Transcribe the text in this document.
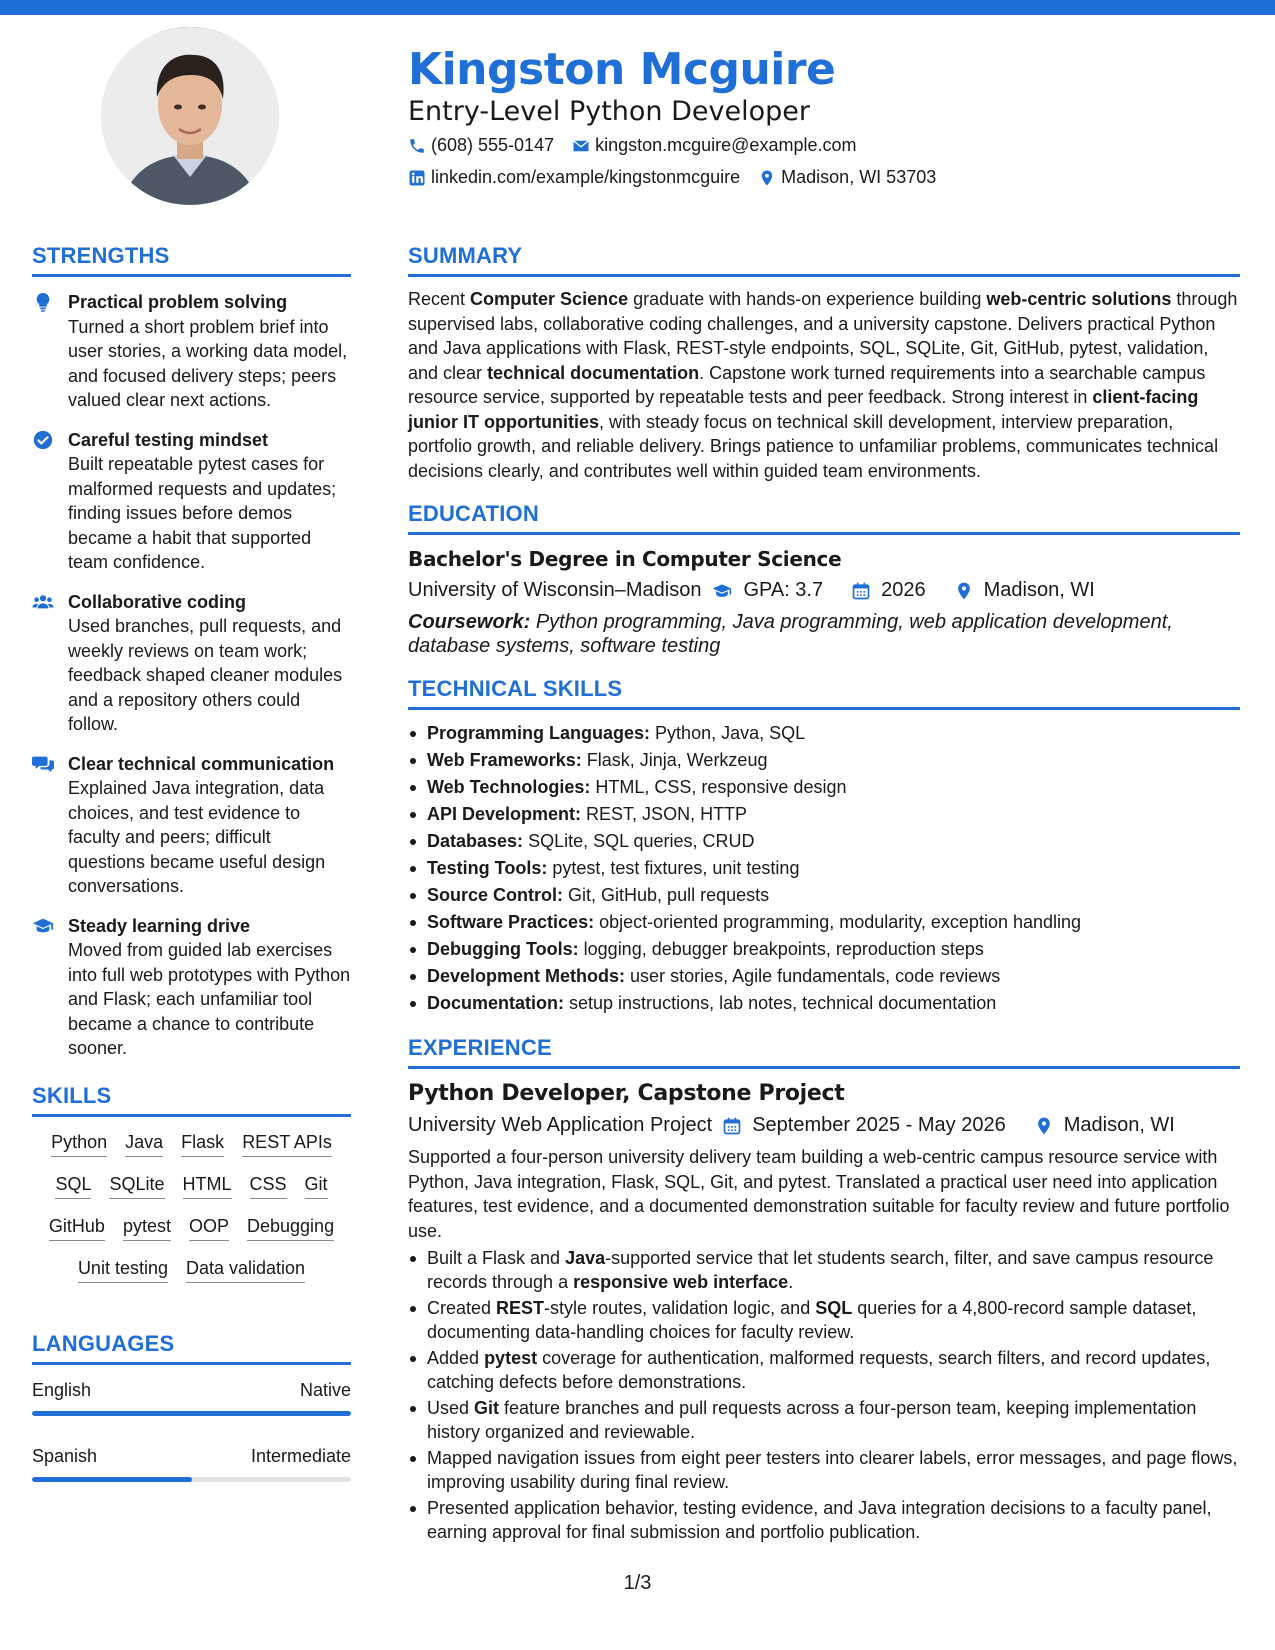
Kingston Mcguire
Entry-Level Python Developer
(608) 555-0147 kingston.mcguire@example.com
linkedin.com/example/kingstonmcguire Madison, WI 53703
STRENGTHS
Practical problem solving
Turned a short problem brief into user stories, a working data model, and focused delivery steps; peers valued clear next actions.
Careful testing mindset
Built repeatable pytest cases for malformed requests and updates; finding issues before demos became a habit that supported team confidence.
Collaborative coding
Used branches, pull requests, and weekly reviews on team work; feedback shaped cleaner modules and a repository others could follow.
Clear technical communication
Explained Java integration, data choices, and test evidence to faculty and peers; difficult questions became useful design conversations.
Steady learning drive
Moved from guided lab exercises into full web prototypes with Python and Flask; each unfamiliar tool became a chance to contribute sooner.
SKILLS
Python Java Flask REST APIs
SQL SQLite HTML CSS Git
GitHub pytest OOP Debugging
Unit testing Data validation
LANGUAGES
English	Native
Spanish	Intermediate
SUMMARY

Recent Computer Science graduate with hands-on experience building web-centric solutions through supervised labs, collaborative coding challenges, and a university capstone. Delivers practical Python and Java applications with Flask, REST-style endpoints, SQL, SQLite, Git, GitHub, pytest, validation, and clear technical documentation. Capstone work turned requirements into a searchable campus resource service, supported by repeatable tests and peer feedback. Strong interest in client-facing junior IT opportunities, with steady focus on technical skill development, interview preparation, portfolio growth, and reliable delivery. Brings patience to unfamiliar problems, communicates technical decisions clearly, and contributes well within guided team environments.

EDUCATION
Bachelor's Degree in Computer Science
University of Wisconsin–Madison GPA: 3.7	2026	Madison, WI
Coursework: Python programming, Java programming, web application development, database systems, software testing
TECHNICAL SKILLS
Programming Languages: Python, Java, SQL
Web Frameworks: Flask, Jinja, Werkzeug
Web Technologies: HTML, CSS, responsive design
API Development: REST, JSON, HTTP
Databases: SQLite, SQL queries, CRUD
Testing Tools: pytest, test fixtures, unit testing
Source Control: Git, GitHub, pull requests
Software Practices: object-oriented programming, modularity, exception handling
Debugging Tools: logging, debugger breakpoints, reproduction steps
Development Methods: user stories, Agile fundamentals, code reviews
Documentation: setup instructions, lab notes, technical documentation
EXPERIENCE
Python Developer, Capstone Project
University Web Application Project September 2025 - May 2026	Madison, WI

Supported a four-person university delivery team building a web-centric campus resource service with Python, Java integration, Flask, SQL, Git, and pytest. Translated a practical user need into application features, test evidence, and a documented demonstration suitable for faculty review and future portfolio use.

Built a Flask and Java-supported service that let students search, filter, and save campus resource records through a responsive web interface.
Created REST-style routes, validation logic, and SQL queries for a 4,800-record sample dataset, documenting data-handling choices for faculty review.
Added pytest coverage for authentication, malformed requests, search filters, and record updates, catching defects before demonstrations.
Used Git feature branches and pull requests across a four-person team, keeping implementation history organized and reviewable.
Mapped navigation issues from eight peer testers into clearer labels, error messages, and page flows, improving usability during final review.
Presented application behavior, testing evidence, and Java integration decisions to a faculty panel, earning approval for final submission and portfolio publication.
1/3
